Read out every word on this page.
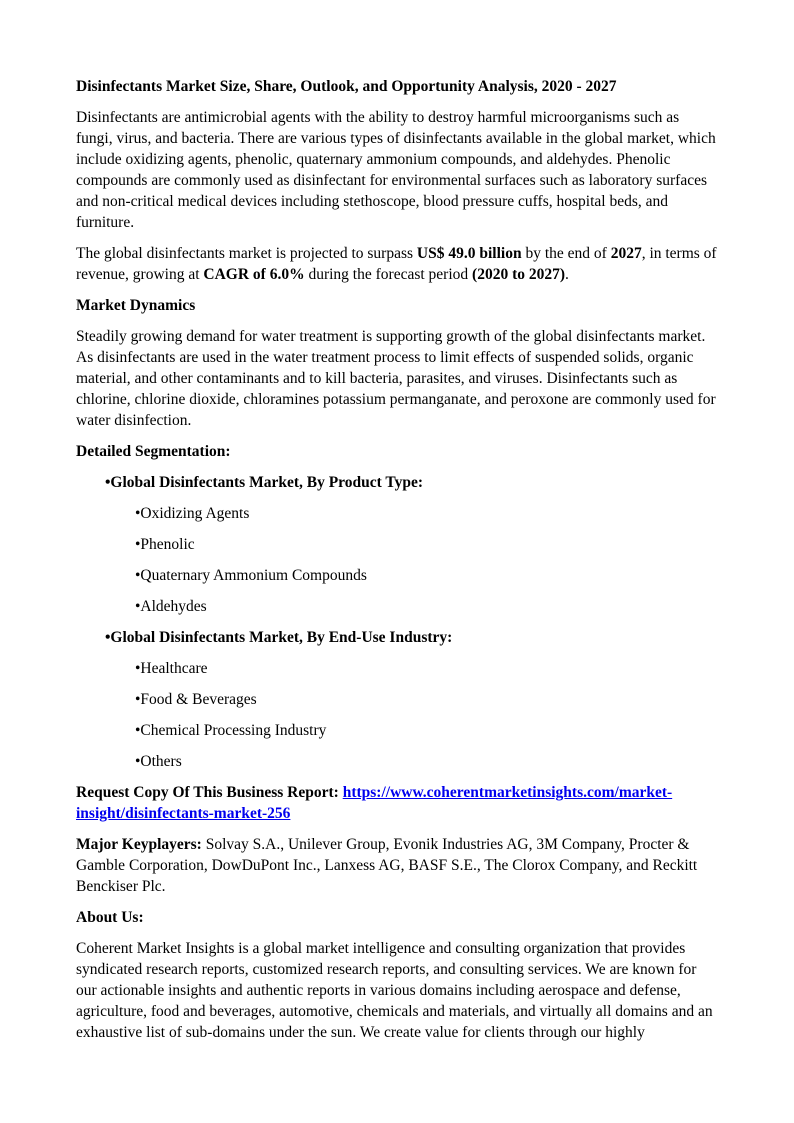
Disinfectants Market Size, Share, Outlook, and Opportunity Analysis, 2020 - 2027

Disinfectants are antimicrobial agents with the ability to destroy harmful microorganisms such as fungi, virus, and bacteria. There are various types of disinfectants available in the global market, which include oxidizing agents, phenolic, quaternary ammonium compounds, and aldehydes. Phenolic compounds are commonly used as disinfectant for environmental surfaces such as laboratory surfaces and non-critical medical devices including stethoscope, blood pressure cuffs, hospital beds, and furniture.

The global disinfectants market is projected to surpass US$ 49.0 billion by the end of 2027, in terms of revenue, growing at CAGR of 6.0% during the forecast period (2020 to 2027).

Market Dynamics

Steadily growing demand for water treatment is supporting growth of the global disinfectants market. As disinfectants are used in the water treatment process to limit effects of suspended solids, organic material, and other contaminants and to kill bacteria, parasites, and viruses. Disinfectants such as chlorine, chlorine dioxide, chloramines potassium permanganate, and peroxone are commonly used for water disinfection.

Detailed Segmentation:

•Global Disinfectants Market, By Product Type:

•Oxidizing Agents

•Phenolic

•Quaternary Ammonium Compounds

•Aldehydes

•Global Disinfectants Market, By End-Use Industry:

•Healthcare

•Food & Beverages

•Chemical Processing Industry

•Others

Request Copy Of This Business Report: https://www.coherentmarketinsights.com/market-insight/disinfectants-market-256

Major Keyplayers: Solvay S.A., Unilever Group, Evonik Industries AG, 3M Company, Procter & Gamble Corporation, DowDuPont Inc., Lanxess AG, BASF S.E., The Clorox Company, and Reckitt Benckiser Plc.

About Us:

Coherent Market Insights is a global market intelligence and consulting organization that provides syndicated research reports, customized research reports, and consulting services. We are known for our actionable insights and authentic reports in various domains including aerospace and defense, agriculture, food and beverages, automotive, chemicals and materials, and virtually all domains and an exhaustive list of sub-domains under the sun. We create value for clients through our highly
